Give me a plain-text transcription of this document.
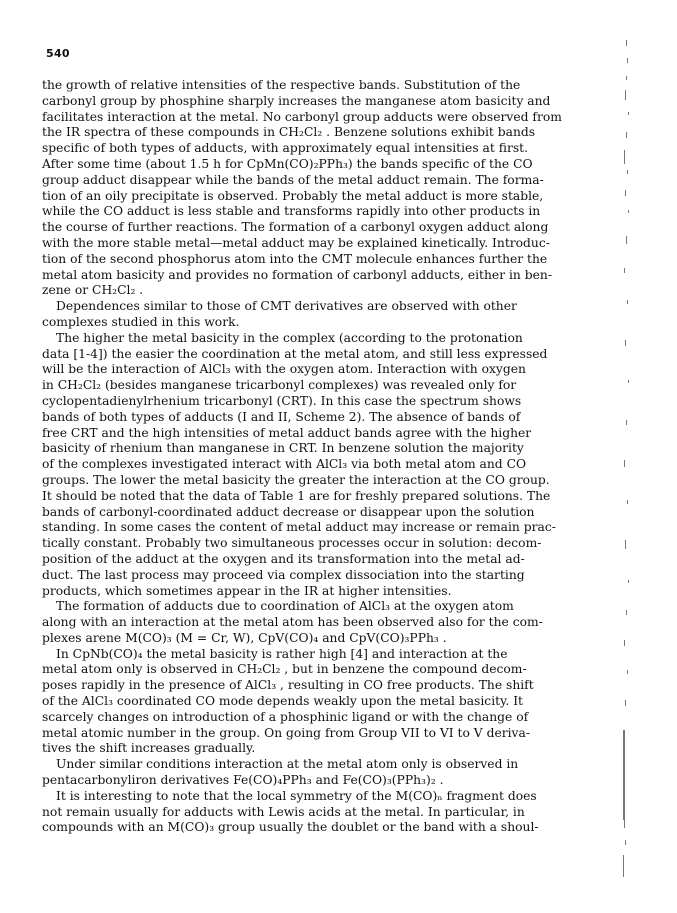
540
the growth of relative intensities of the respective bands. Substitution of the
carbonyl group by phosphine sharply increases the manganese atom basicity and
facilitates interaction at the metal. No carbonyl group adducts were observed from
the IR spectra of these compounds in CH₂Cl₂ . Benzene solutions exhibit bands
specific of both types of adducts, with approximately equal intensities at first.
After some time (about 1.5 h for CpMn(CO)₂PPh₃) the bands specific of the CO
group adduct disappear while the bands of the metal adduct remain. The forma-
tion of an oily precipitate is observed. Probably the metal adduct is more stable,
while the CO adduct is less stable and transforms rapidly into other products in
the course of further reactions. The formation of a carbonyl oxygen adduct along
with the more stable metal—metal adduct may be explained kinetically. Introduc-
tion of the second phosphorus atom into the CMT molecule enhances further the
metal atom basicity and provides no formation of carbonyl adducts, either in ben-
zene or CH₂Cl₂ .
Dependences similar to those of CMT derivatives are observed with other
complexes studied in this work.
The higher the metal basicity in the complex (according to the protonation
data [1-4]) the easier the coordination at the metal atom, and still less expressed
will be the interaction of AlCl₃ with the oxygen atom. Interaction with oxygen
in CH₂Cl₂ (besides manganese tricarbonyl complexes) was revealed only for
cyclopentadienylrhenium tricarbonyl (CRT). In this case the spectrum shows
bands of both types of adducts (I and II, Scheme 2). The absence of bands of
free CRT and the high intensities of metal adduct bands agree with the higher
basicity of rhenium than manganese in CRT. In benzene solution the majority
of the complexes investigated interact with AlCl₃ via both metal atom and CO
groups. The lower the metal basicity the greater the interaction at the CO group.
It should be noted that the data of Table 1 are for freshly prepared solutions. The
bands of carbonyl-coordinated adduct decrease or disappear upon the solution
standing. In some cases the content of metal adduct may increase or remain prac-
tically constant. Probably two simultaneous processes occur in solution: decom-
position of the adduct at the oxygen and its transformation into the metal ad-
duct. The last process may proceed via complex dissociation into the starting
products, which sometimes appear in the IR at higher intensities.
The formation of adducts due to coordination of AlCl₃ at the oxygen atom
along with an interaction at the metal atom has been observed also for the com-
plexes arene M(CO)₃ (M = Cr, W), CpV(CO)₄ and CpV(CO)₃PPh₃ .
In CpNb(CO)₄ the metal basicity is rather high [4] and interaction at the
metal atom only is observed in CH₂Cl₂ , but in benzene the compound decom-
poses rapidly in the presence of AlCl₃ , resulting in CO free products. The shift
of the AlCl₃ coordinated CO mode depends weakly upon the metal basicity. It
scarcely changes on introduction of a phosphinic ligand or with the change of
metal atomic number in the group. On going from Group VII to VI to V deriva-
tives the shift increases gradually.
Under similar conditions interaction at the metal atom only is observed in
pentacarbonyliron derivatives Fe(CO)₄PPh₃ and Fe(CO)₃(PPh₃)₂ .
It is interesting to note that the local symmetry of the M(CO)ₙ fragment does
not remain usually for adducts with Lewis acids at the metal. In particular, in
compounds with an M(CO)₃ group usually the doublet or the band with a shoul-
